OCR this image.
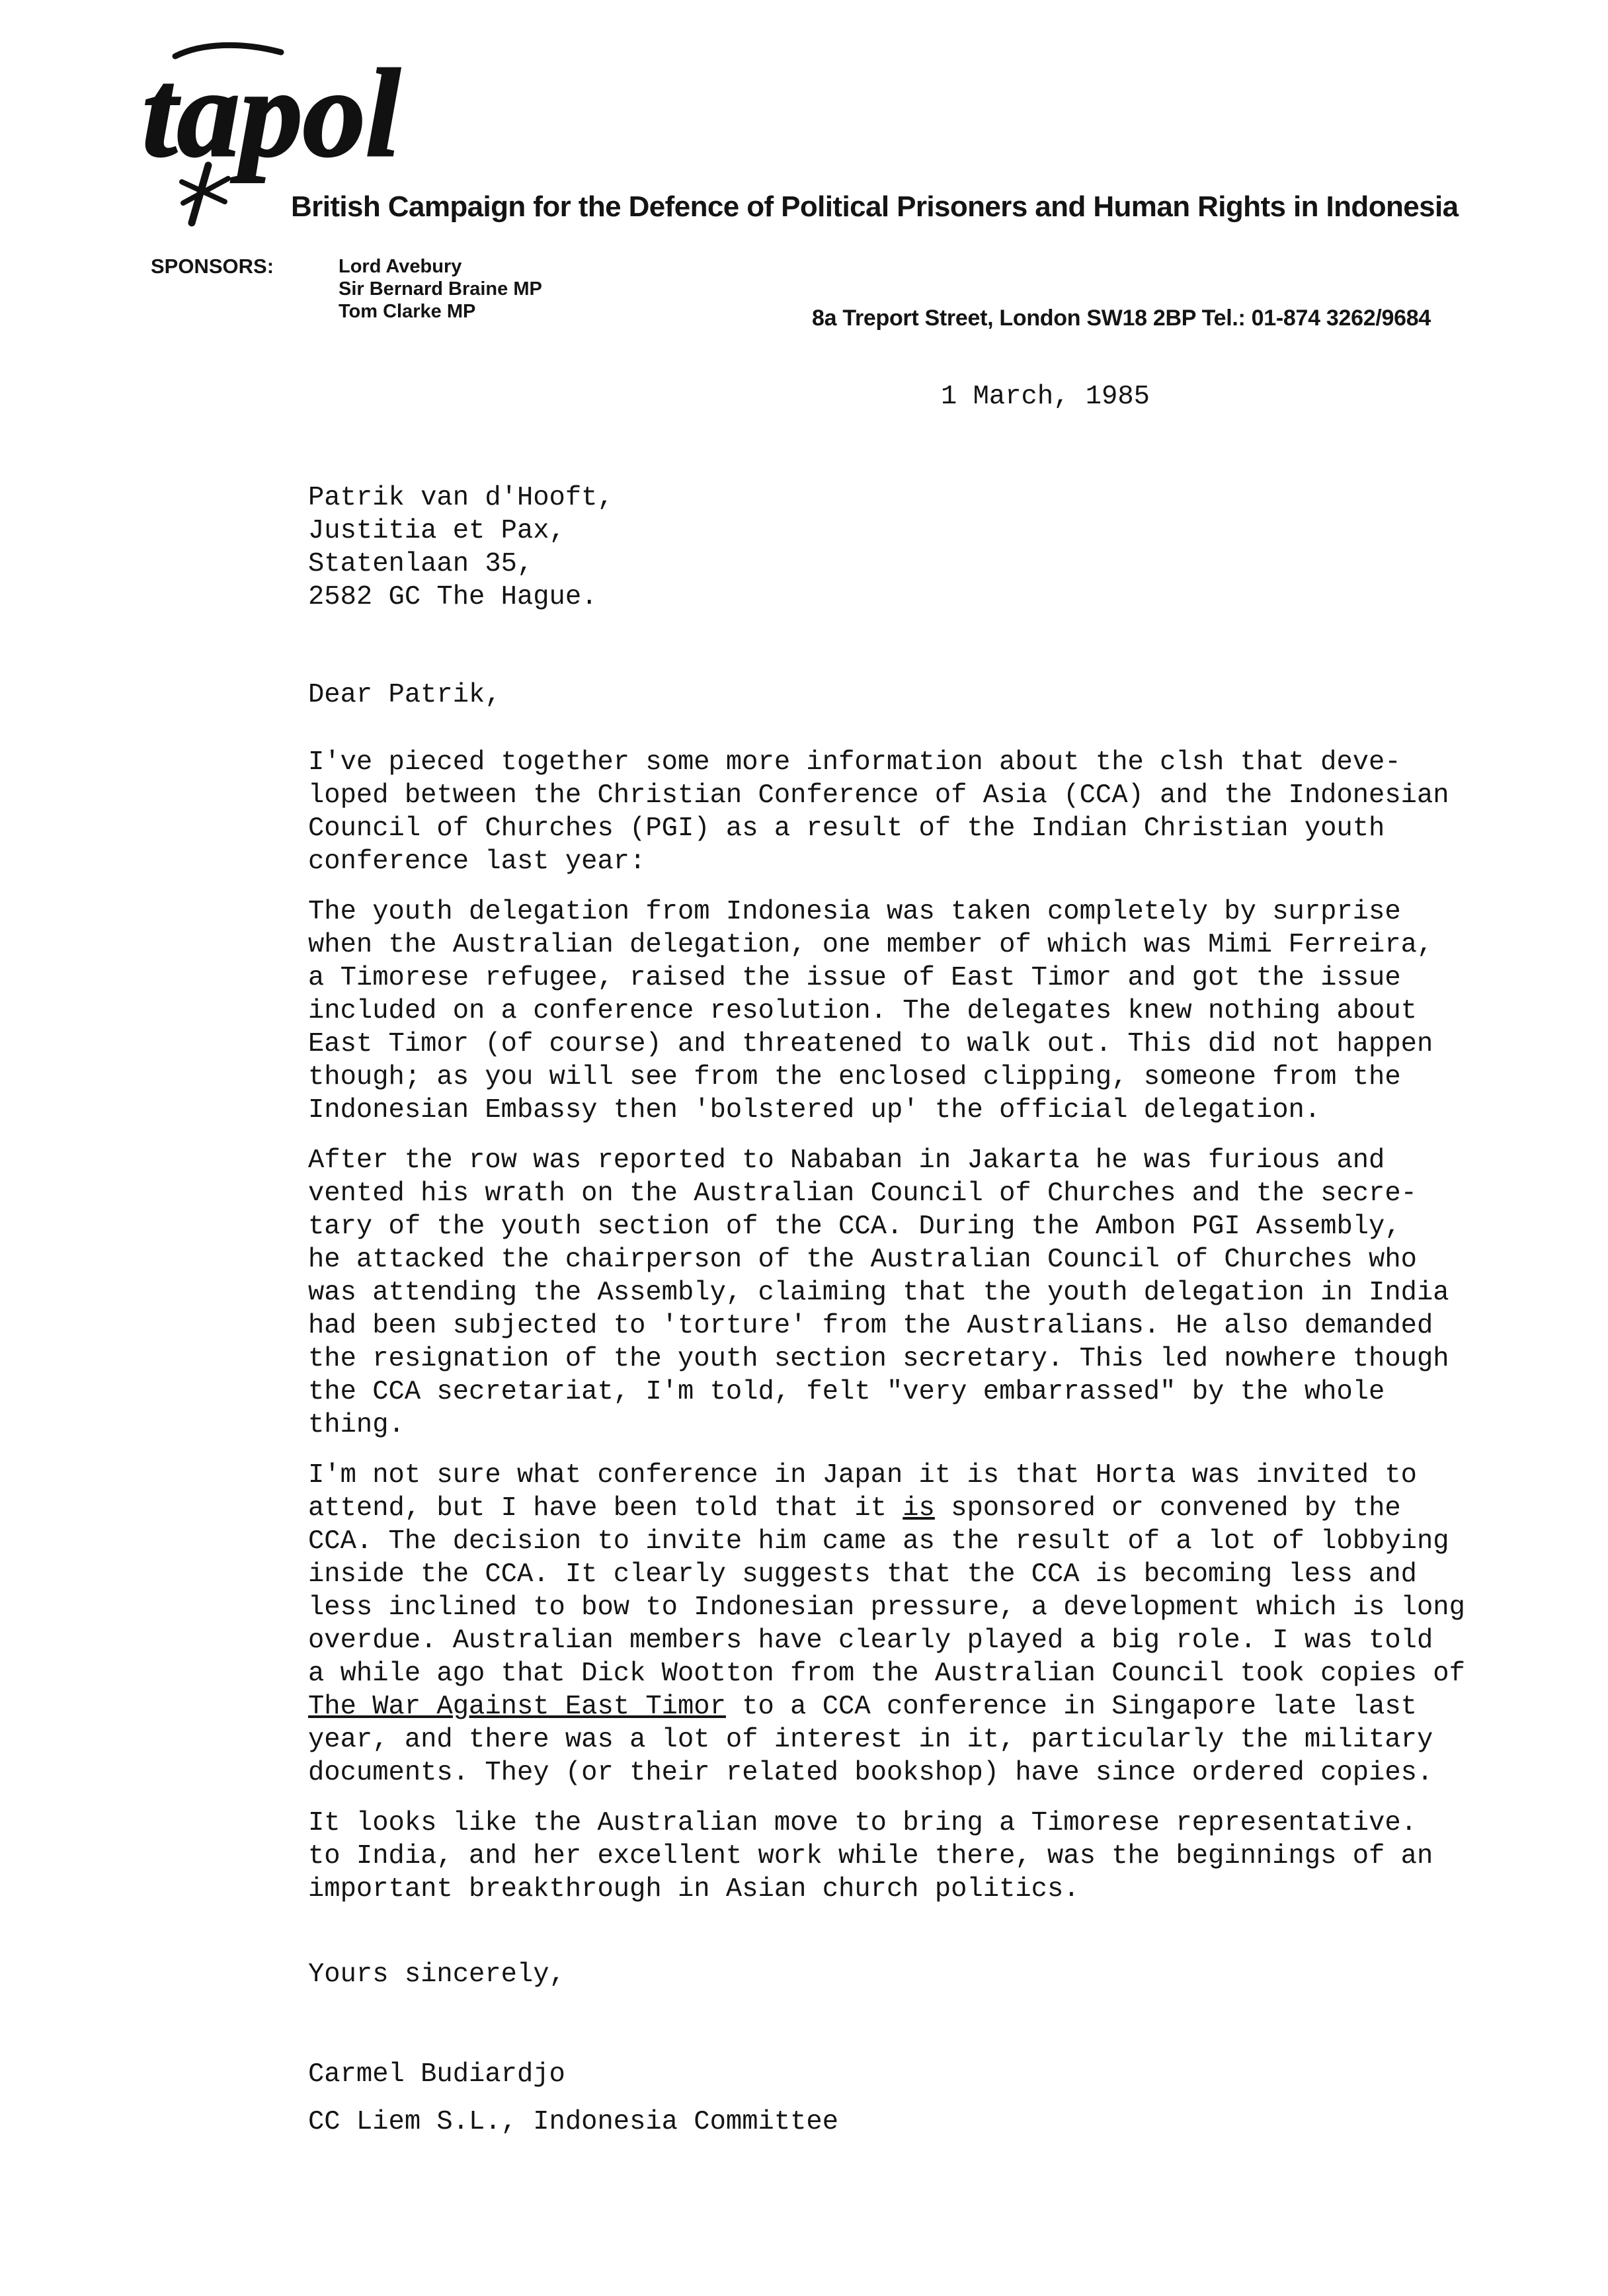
tapol
British Campaign for the Defence of Political Prisoners and Human Rights in Indonesia
SPONSORS:	Lord Avebury
Sir Bernard Braine MP
Tom Clarke MP	8a Treport Street, London SW18 2BP Tel.: 01-874 3262/9684
1 March, 1985
Patrik van d'Hooft,
Justitia et Pax,
Statenlaan 35,
2582 GC The Hague.
Dear Patrik,

I've pieced together some more information about the clsh that deve-
loped between the Christian Conference of Asia (CCA) and the Indonesian
Council of Churches (PGI) as a result of the Indian Christian youth
conference last year:

The youth delegation from Indonesia was taken completely by surprise
when the Australian delegation, one member of which was Mimi Ferreira,
a Timorese refugee, raised the issue of East Timor and got the issue
included on a conference resolution. The delegates knew nothing about
East Timor (of course) and threatened to walk out. This did not happen
though; as you will see from the enclosed clipping, someone from the
Indonesian Embassy then 'bolstered up' the official delegation.

After the row was reported to Nababan in Jakarta he was furious and
vented his wrath on the Australian Council of Churches and the secre-
tary of the youth section of the CCA. During the Ambon PGI Assembly,
he attacked the chairperson of the Australian Council of Churches who
was attending the Assembly, claiming that the youth delegation in India
had been subjected to 'torture' from the Australians. He also demanded
the resignation of the youth section secretary. This led nowhere though
the CCA secretariat, I'm told, felt "very embarrassed" by the whole
thing.

I'm not sure what conference in Japan it is that Horta was invited to
attend, but I have been told that it is sponsored or convened by the
CCA. The decision to invite him came as the result of a lot of lobbying
inside the CCA. It clearly suggests that the CCA is becoming less and
less inclined to bow to Indonesian pressure, a development which is long
overdue. Australian members have clearly played a big role. I was told
a while ago that Dick Wootton from the Australian Council took copies of
The War Against East Timor to a CCA conference in Singapore late last
year, and there was a lot of interest in it, particularly the military
documents. They (or their related bookshop) have since ordered copies.

It looks like the Australian move to bring a Timorese representative.
to India, and her excellent work while there, was the beginnings of an
important breakthrough in Asian church politics.

Yours sincerely,
Carmel Budiardjo
CC Liem S.L., Indonesia Committee
